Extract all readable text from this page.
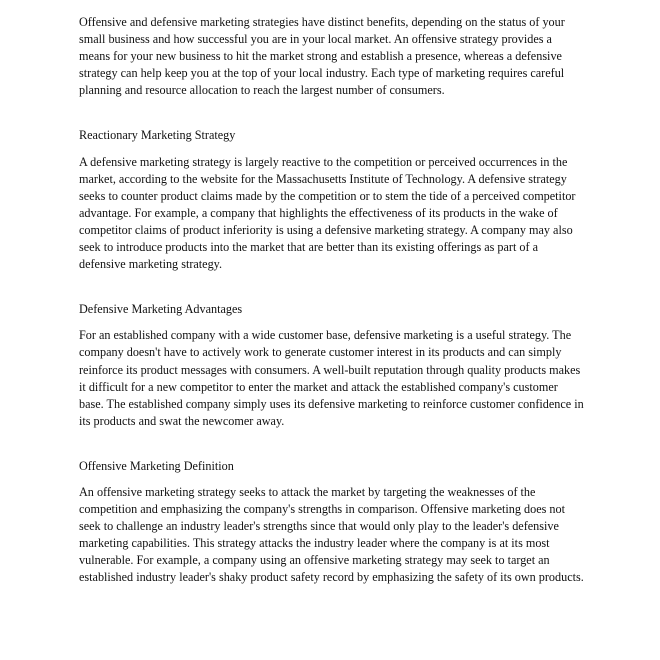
Offensive and defensive marketing strategies have distinct benefits, depending on the status of your small business and how successful you are in your local market. An offensive strategy provides a means for your new business to hit the market strong and establish a presence, whereas a defensive strategy can help keep you at the top of your local industry. Each type of marketing requires careful planning and resource allocation to reach the largest number of consumers.

Reactionary Marketing Strategy

A defensive marketing strategy is largely reactive to the competition or perceived occurrences in the market, according to the website for the Massachusetts Institute of Technology. A defensive strategy seeks to counter product claims made by the competition or to stem the tide of a perceived competitor advantage. For example, a company that highlights the effectiveness of its products in the wake of competitor claims of product inferiority is using a defensive marketing strategy. A company may also seek to introduce products into the market that are better than its existing offerings as part of a defensive marketing strategy.

Defensive Marketing Advantages

For an established company with a wide customer base, defensive marketing is a useful strategy. The company doesn't have to actively work to generate customer interest in its products and can simply reinforce its product messages with consumers. A well-built reputation through quality products makes it difficult for a new competitor to enter the market and attack the established company's customer base. The established company simply uses its defensive marketing to reinforce customer confidence in its products and swat the newcomer away.

Offensive Marketing Definition

An offensive marketing strategy seeks to attack the market by targeting the weaknesses of the competition and emphasizing the company's strengths in comparison. Offensive marketing does not seek to challenge an industry leader's strengths since that would only play to the leader's defensive marketing capabilities. This strategy attacks the industry leader where the company is at its most vulnerable. For example, a company using an offensive marketing strategy may seek to target an established industry leader's shaky product safety record by emphasizing the safety of its own products.
